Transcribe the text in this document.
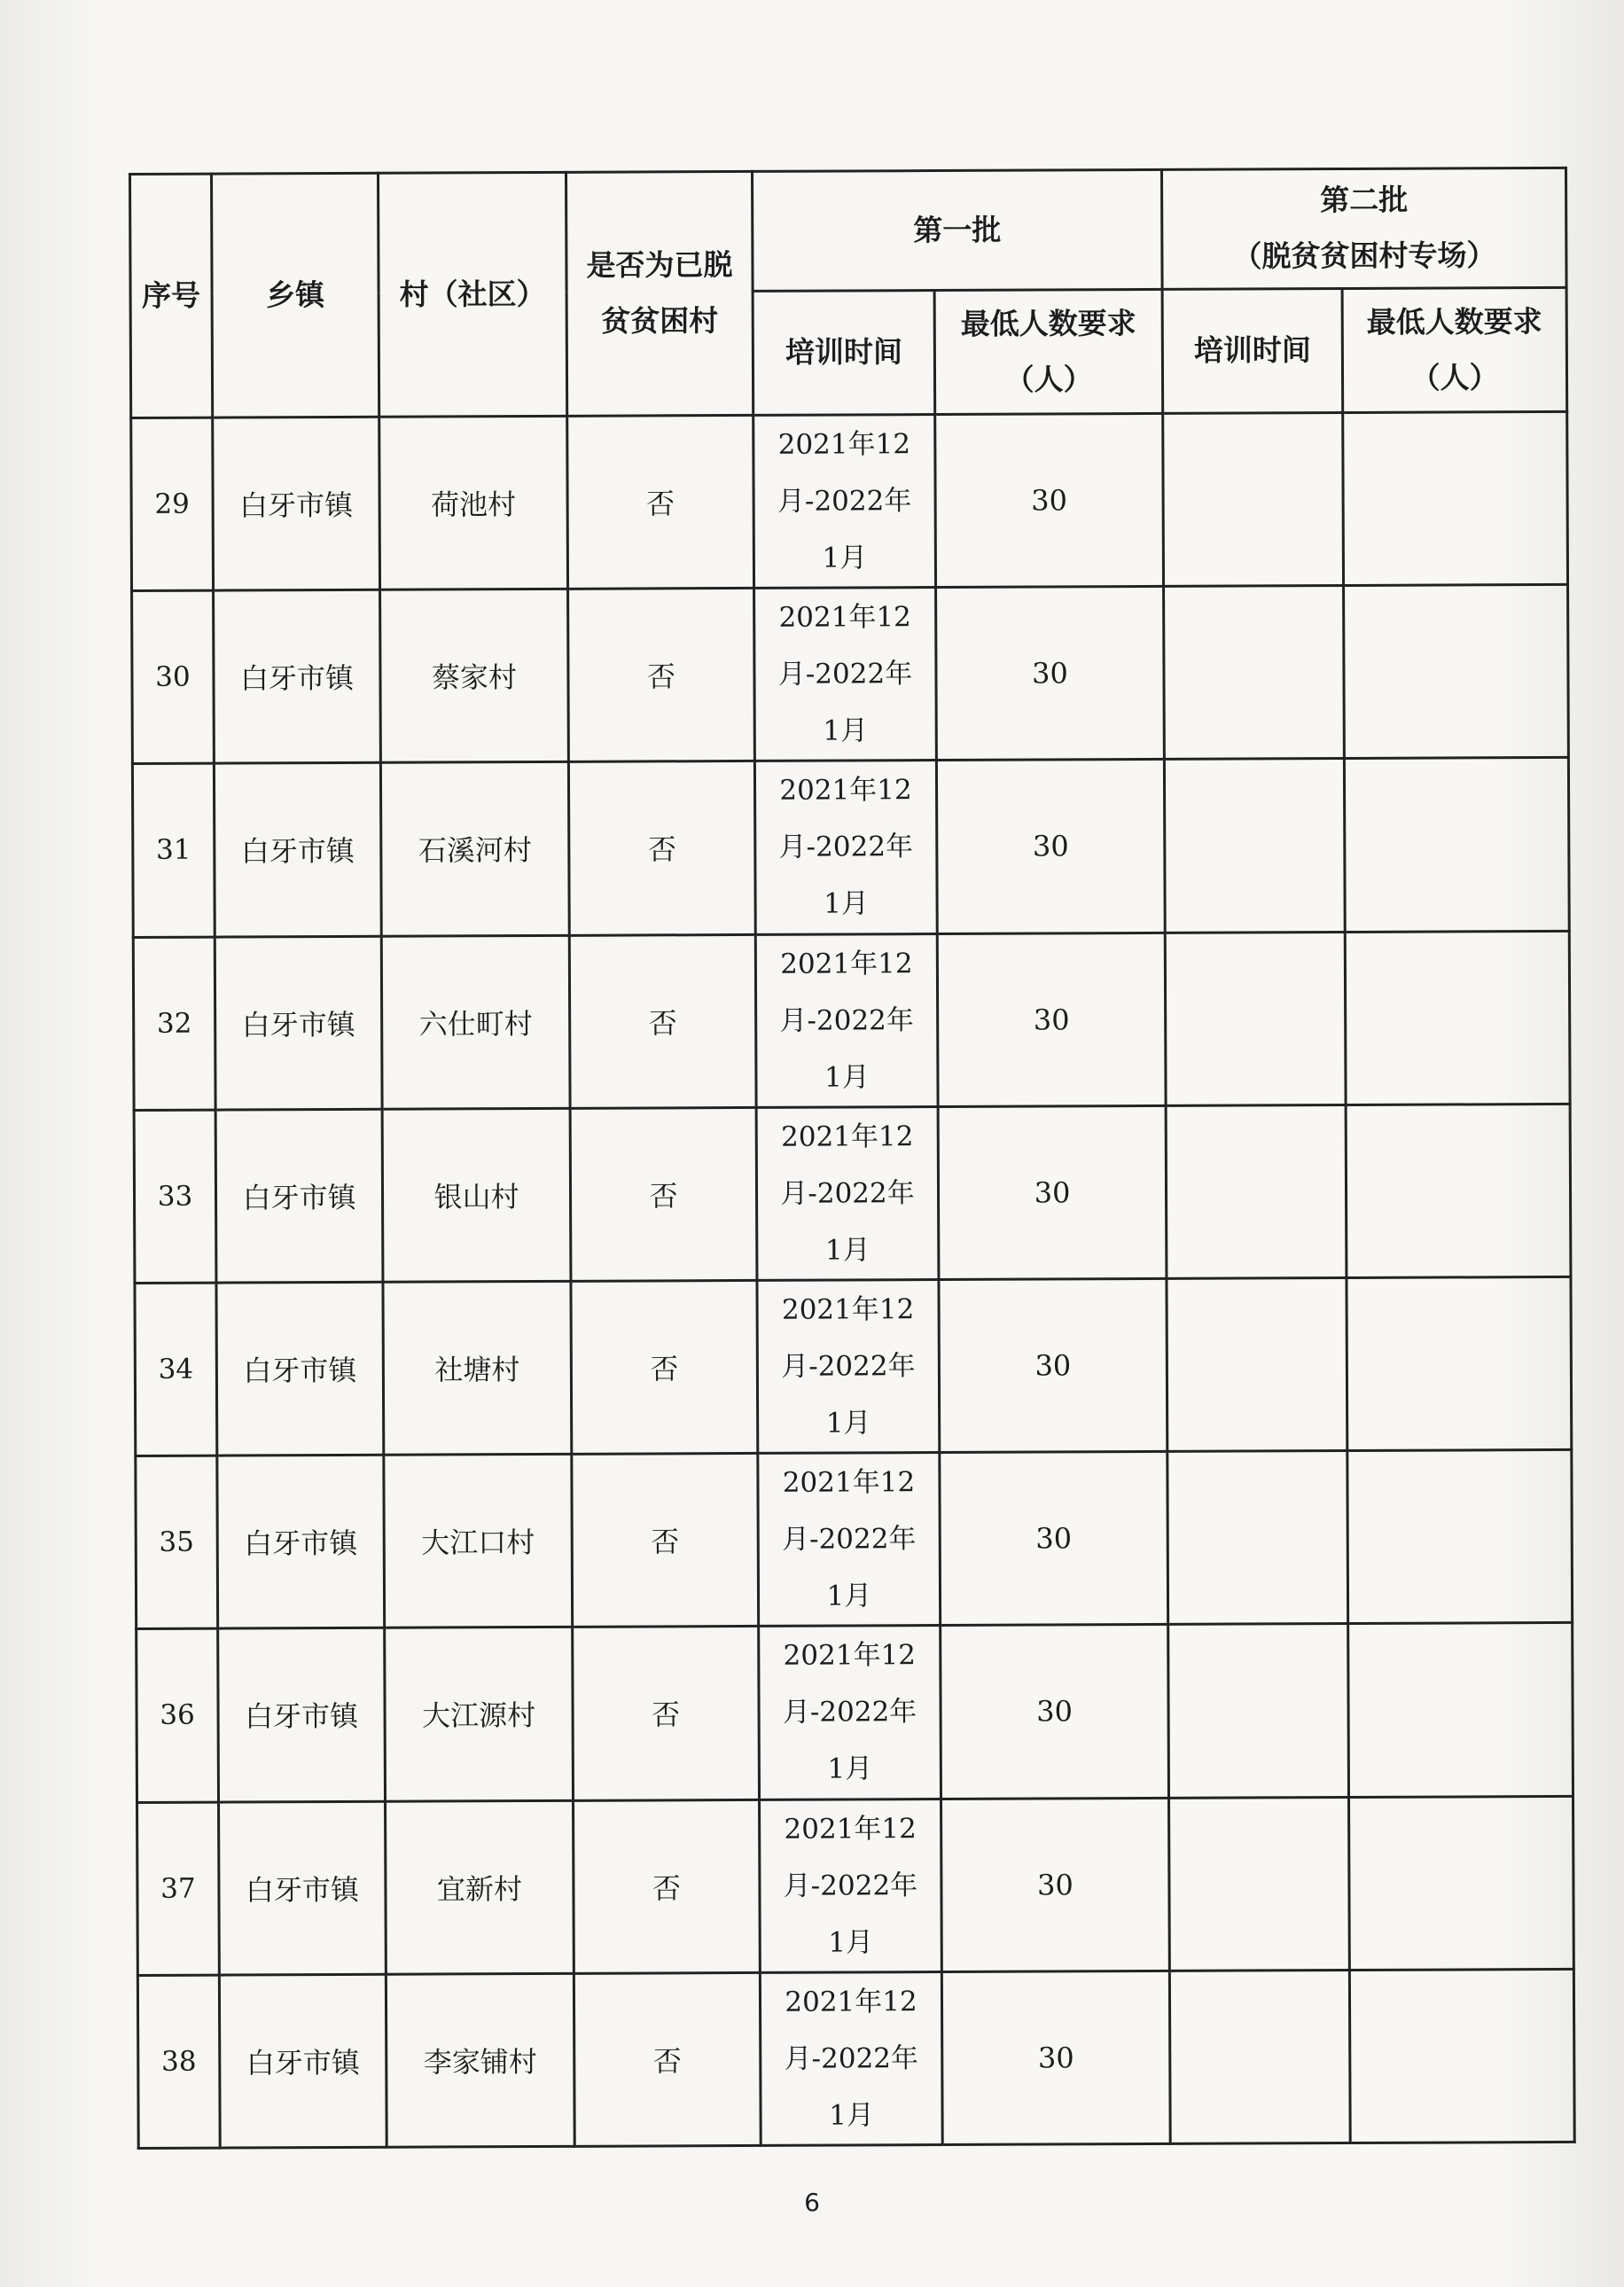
序号	乡镇	村（社区）	是否为已脱贫贫困村	第一批		第二批
（脱贫贫困村专场）	

				培训时间	最低人数要求（人）	培训时间	最低人数要求（人）
29	白牙市镇	荷池村	否	2021年12月-2022年1月	30		
30	白牙市镇	蔡家村	否	2021年12月-2022年1月	30		
31	白牙市镇	石溪河村	否	2021年12月-2022年1月	30		
32	白牙市镇	六仕町村	否	2021年12月-2022年1月	30		
33	白牙市镇	银山村	否	2021年12月-2022年1月	30		
34	白牙市镇	社塘村	否	2021年12月-2022年1月	30		
35	白牙市镇	大江口村	否	2021年12月-2022年1月	30		
36	白牙市镇	大江源村	否	2021年12月-2022年1月	30		
37	白牙市镇	宜新村	否	2021年12月-2022年1月	30		
38	白牙市镇	李家铺村	否	2021年12月-2022年1月	30		
6
